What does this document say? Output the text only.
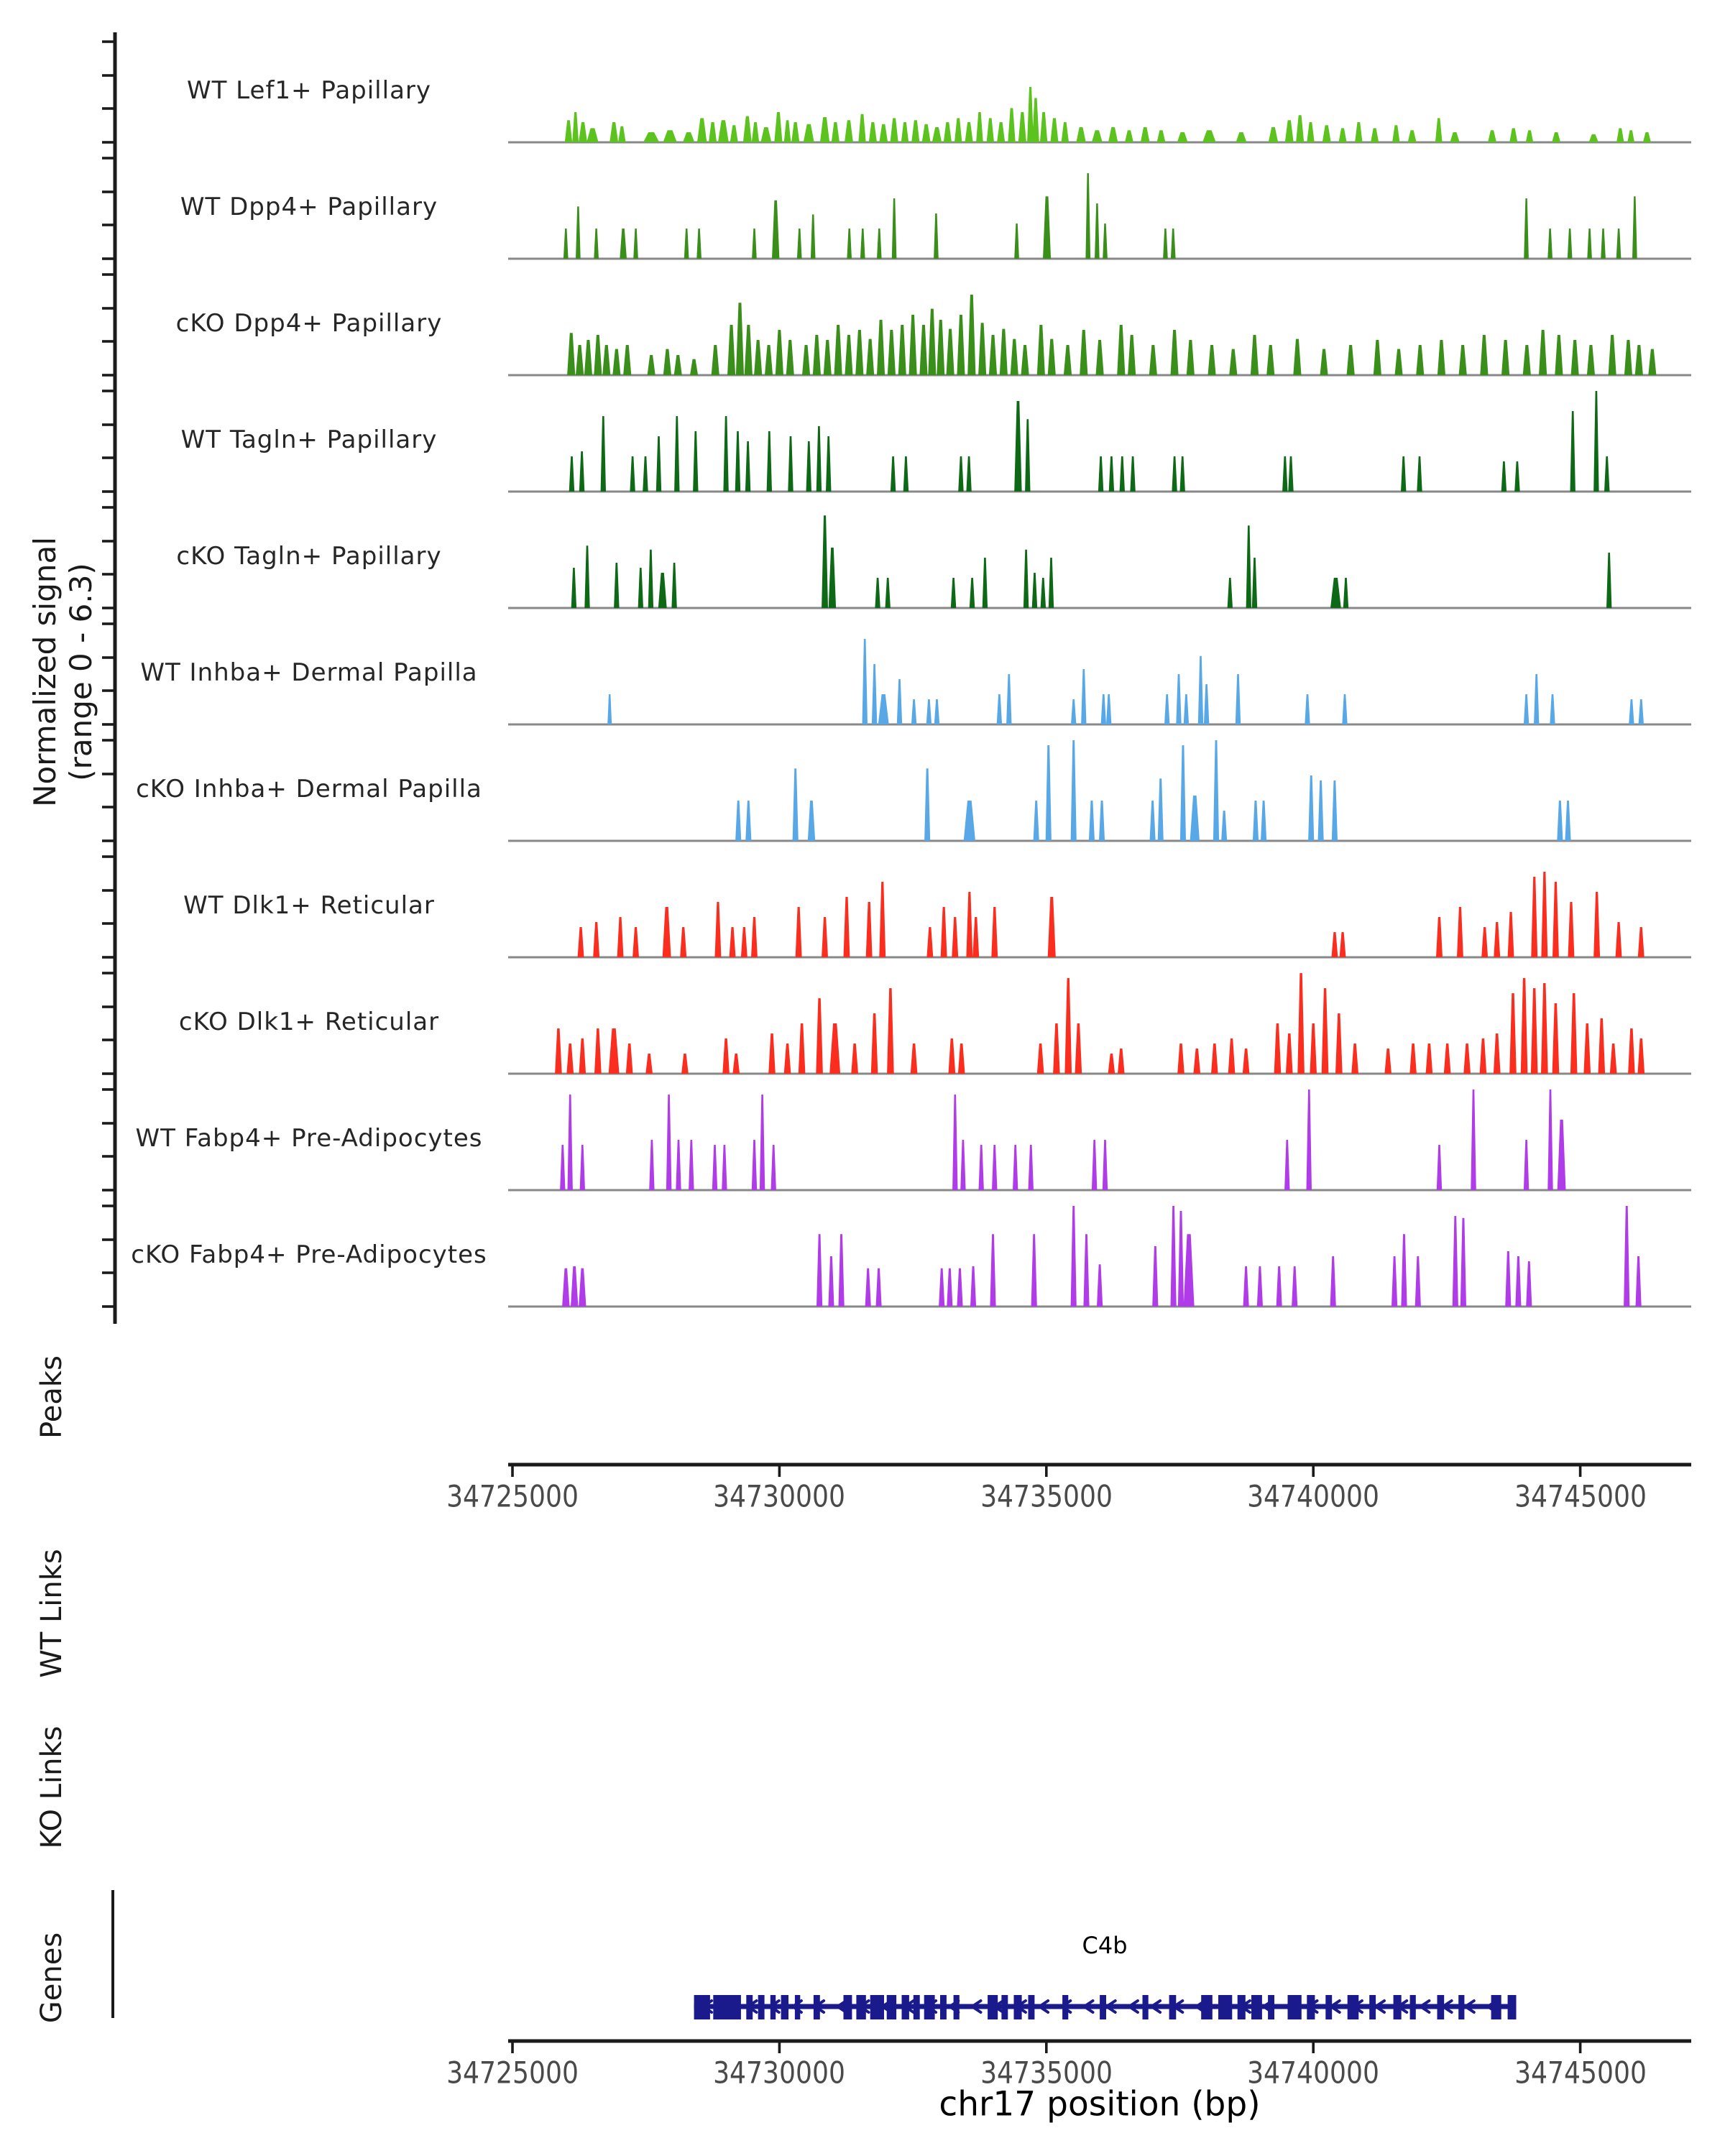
Normalized signal (range 0 - 6.3)
Peaks
WT Links
KO Links
Genes
WT Lef1+ Papillary
WT Dpp4+ Papillary
cKO Dpp4+ Papillary
WT Tagln+ Papillary
cKO Tagln+ Papillary
WT Inhba+ Dermal Papilla
cKO Inhba+ Dermal Papilla
WT Dlk1+ Reticular
cKO Dlk1+ Reticular
WT Fabp4+ Pre-Adipocytes
cKO Fabp4+ Pre-Adipocytes
34725000	34730000	34735000	34740000	34745000
34725000	34730000	34735000	34740000	34745000
C4b
chr17 position (bp)
